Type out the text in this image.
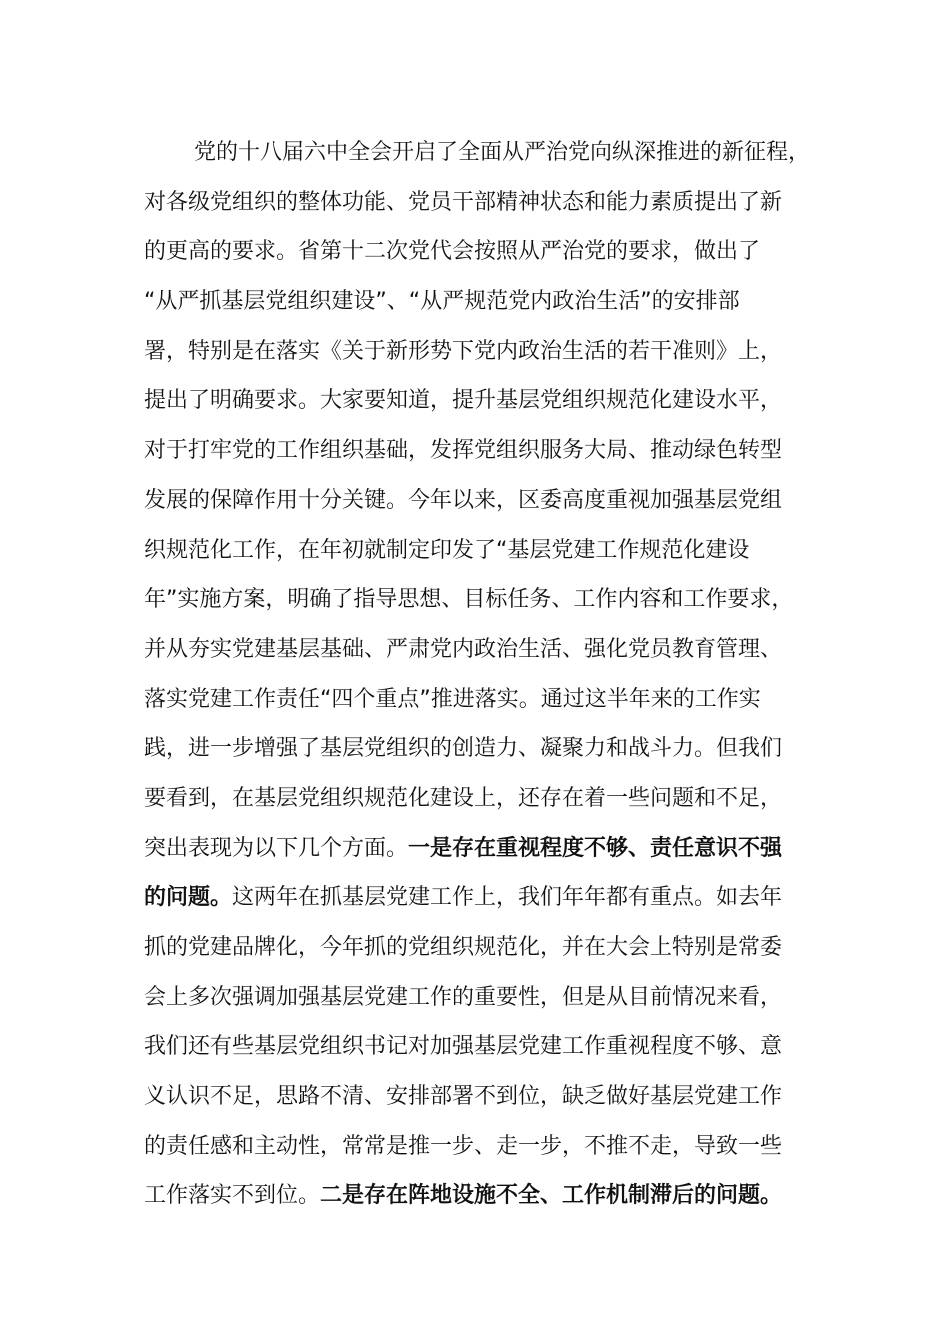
党的十八届六中全会开启了全面从严治党向纵深推进的新征程，
对各级党组织的整体功能、党员干部精神状态和能力素质提出了新
的更高的要求。省第十二次党代会按照从严治党的要求，做出了
“从严抓基层党组织建设”、“从严规范党内政治生活”的安排部
署，特别是在落实《关于新形势下党内政治生活的若干准则》上，
提出了明确要求。大家要知道，提升基层党组织规范化建设水平，
对于打牢党的工作组织基础，发挥党组织服务大局、推动绿色转型
发展的保障作用十分关键。今年以来，区委高度重视加强基层党组
织规范化工作，在年初就制定印发了“基层党建工作规范化建设
年”实施方案，明确了指导思想、目标任务、工作内容和工作要求，
并从夯实党建基层基础、严肃党内政治生活、强化党员教育管理、
落实党建工作责任“四个重点”推进落实。通过这半年来的工作实
践，进一步增强了基层党组织的创造力、凝聚力和战斗力。但我们
要看到，在基层党组织规范化建设上，还存在着一些问题和不足，
突出表现为以下几个方面。一是存在重视程度不够、责任意识不强
的问题。这两年在抓基层党建工作上，我们年年都有重点。如去年
抓的党建品牌化，今年抓的党组织规范化，并在大会上特别是常委
会上多次强调加强基层党建工作的重要性，但是从目前情况来看，
我们还有些基层党组织书记对加强基层党建工作重视程度不够、意
义认识不足，思路不清、安排部署不到位，缺乏做好基层党建工作
的责任感和主动性，常常是推一步、走一步，不推不走，导致一些
工作落实不到位。二是存在阵地设施不全、工作机制滞后的问题。
